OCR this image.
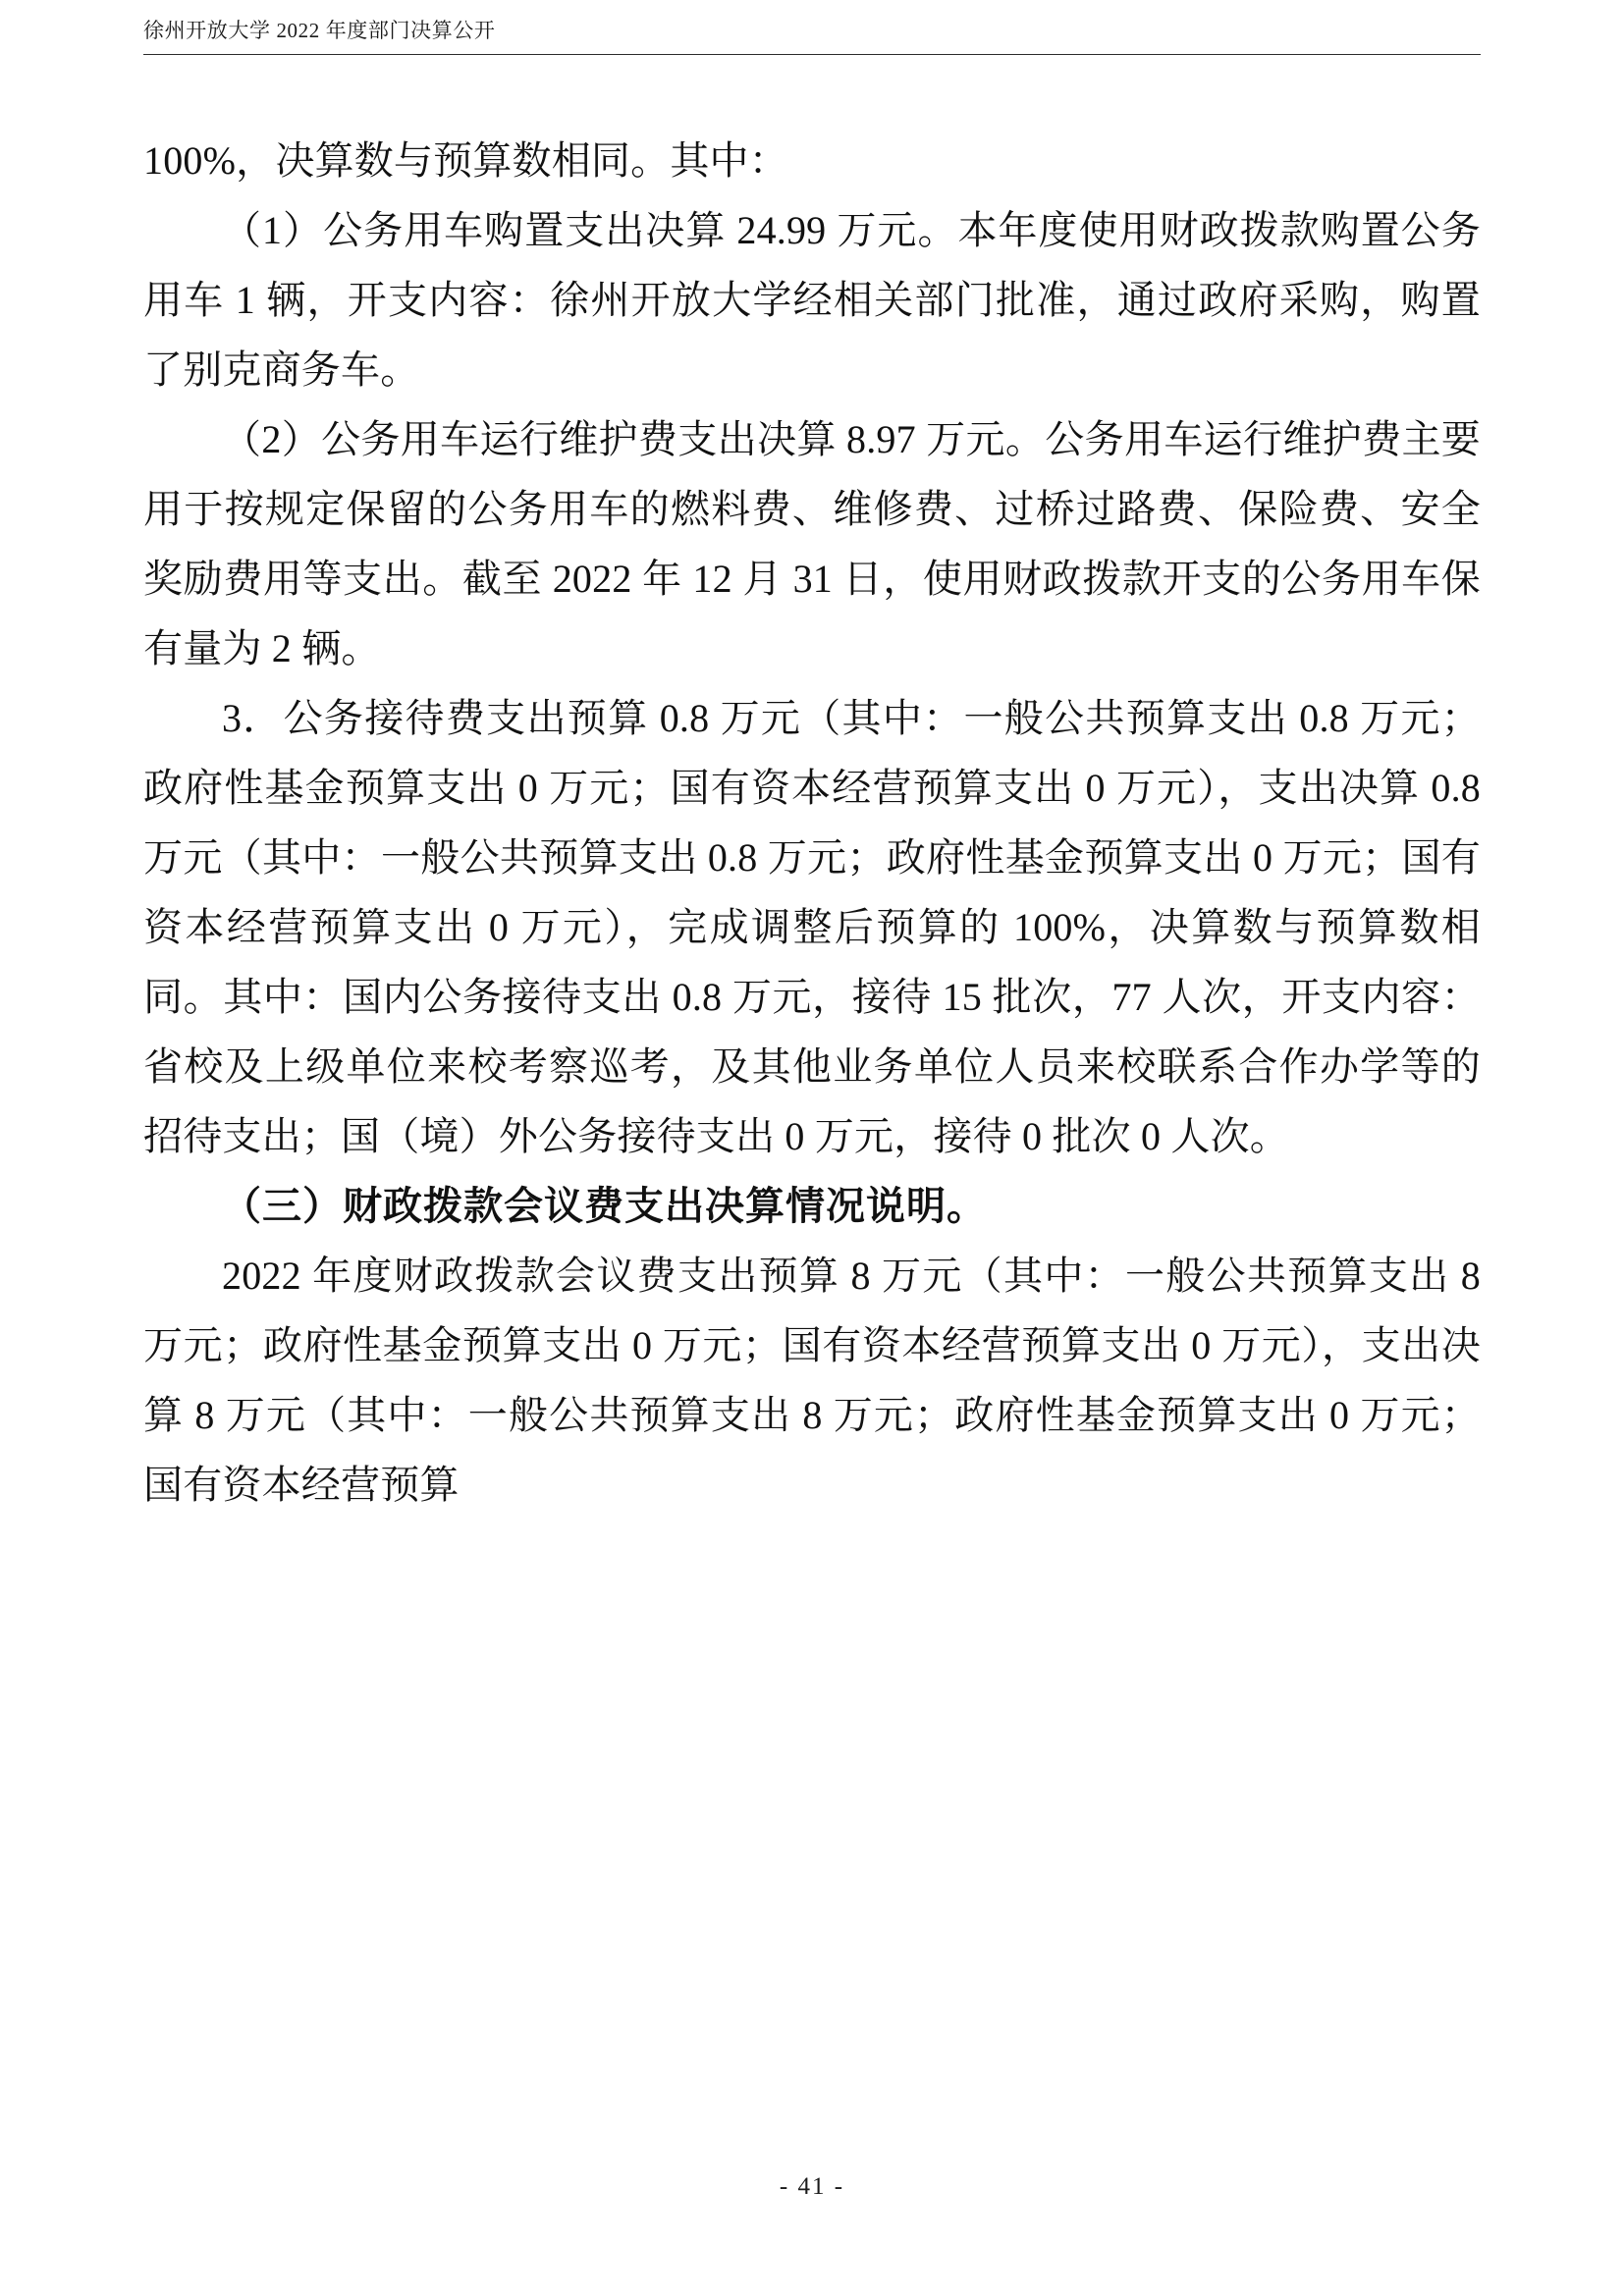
徐州开放大学 2022 年度部门决算公开

100%，决算数与预算数相同。其中：

（1）公务用车购置支出决算 24.99 万元。本年度使用财政拨款购置公务用车 1 辆，开支内容：徐州开放大学经相关部门批准，通过政府采购，购置了别克商务车。

（2）公务用车运行维护费支出决算 8.97 万元。公务用车运行维护费主要用于按规定保留的公务用车的燃料费、维修费、过桥过路费、保险费、安全奖励费用等支出。截至 2022 年 12 月 31 日，使用财政拨款开支的公务用车保有量为 2 辆。

3．公务接待费支出预算 0.8 万元（其中：一般公共预算支出 0.8 万元；政府性基金预算支出 0 万元；国有资本经营预算支出 0 万元），支出决算 0.8 万元（其中：一般公共预算支出 0.8 万元；政府性基金预算支出 0 万元；国有资本经营预算支出 0 万元），完成调整后预算的 100%，决算数与预算数相同。其中：国内公务接待支出 0.8 万元，接待 15 批次，77 人次，开支内容：省校及上级单位来校考察巡考，及其他业务单位人员来校联系合作办学等的招待支出；国（境）外公务接待支出 0 万元，接待 0 批次 0 人次。

（三）财政拨款会议费支出决算情况说明。

2022 年度财政拨款会议费支出预算 8 万元（其中：一般公共预算支出 8 万元；政府性基金预算支出 0 万元；国有资本经营预算支出 0 万元），支出决算 8 万元（其中：一般公共预算支出 8 万元；政府性基金预算支出 0 万元；国有资本经营预算

- 41 -
